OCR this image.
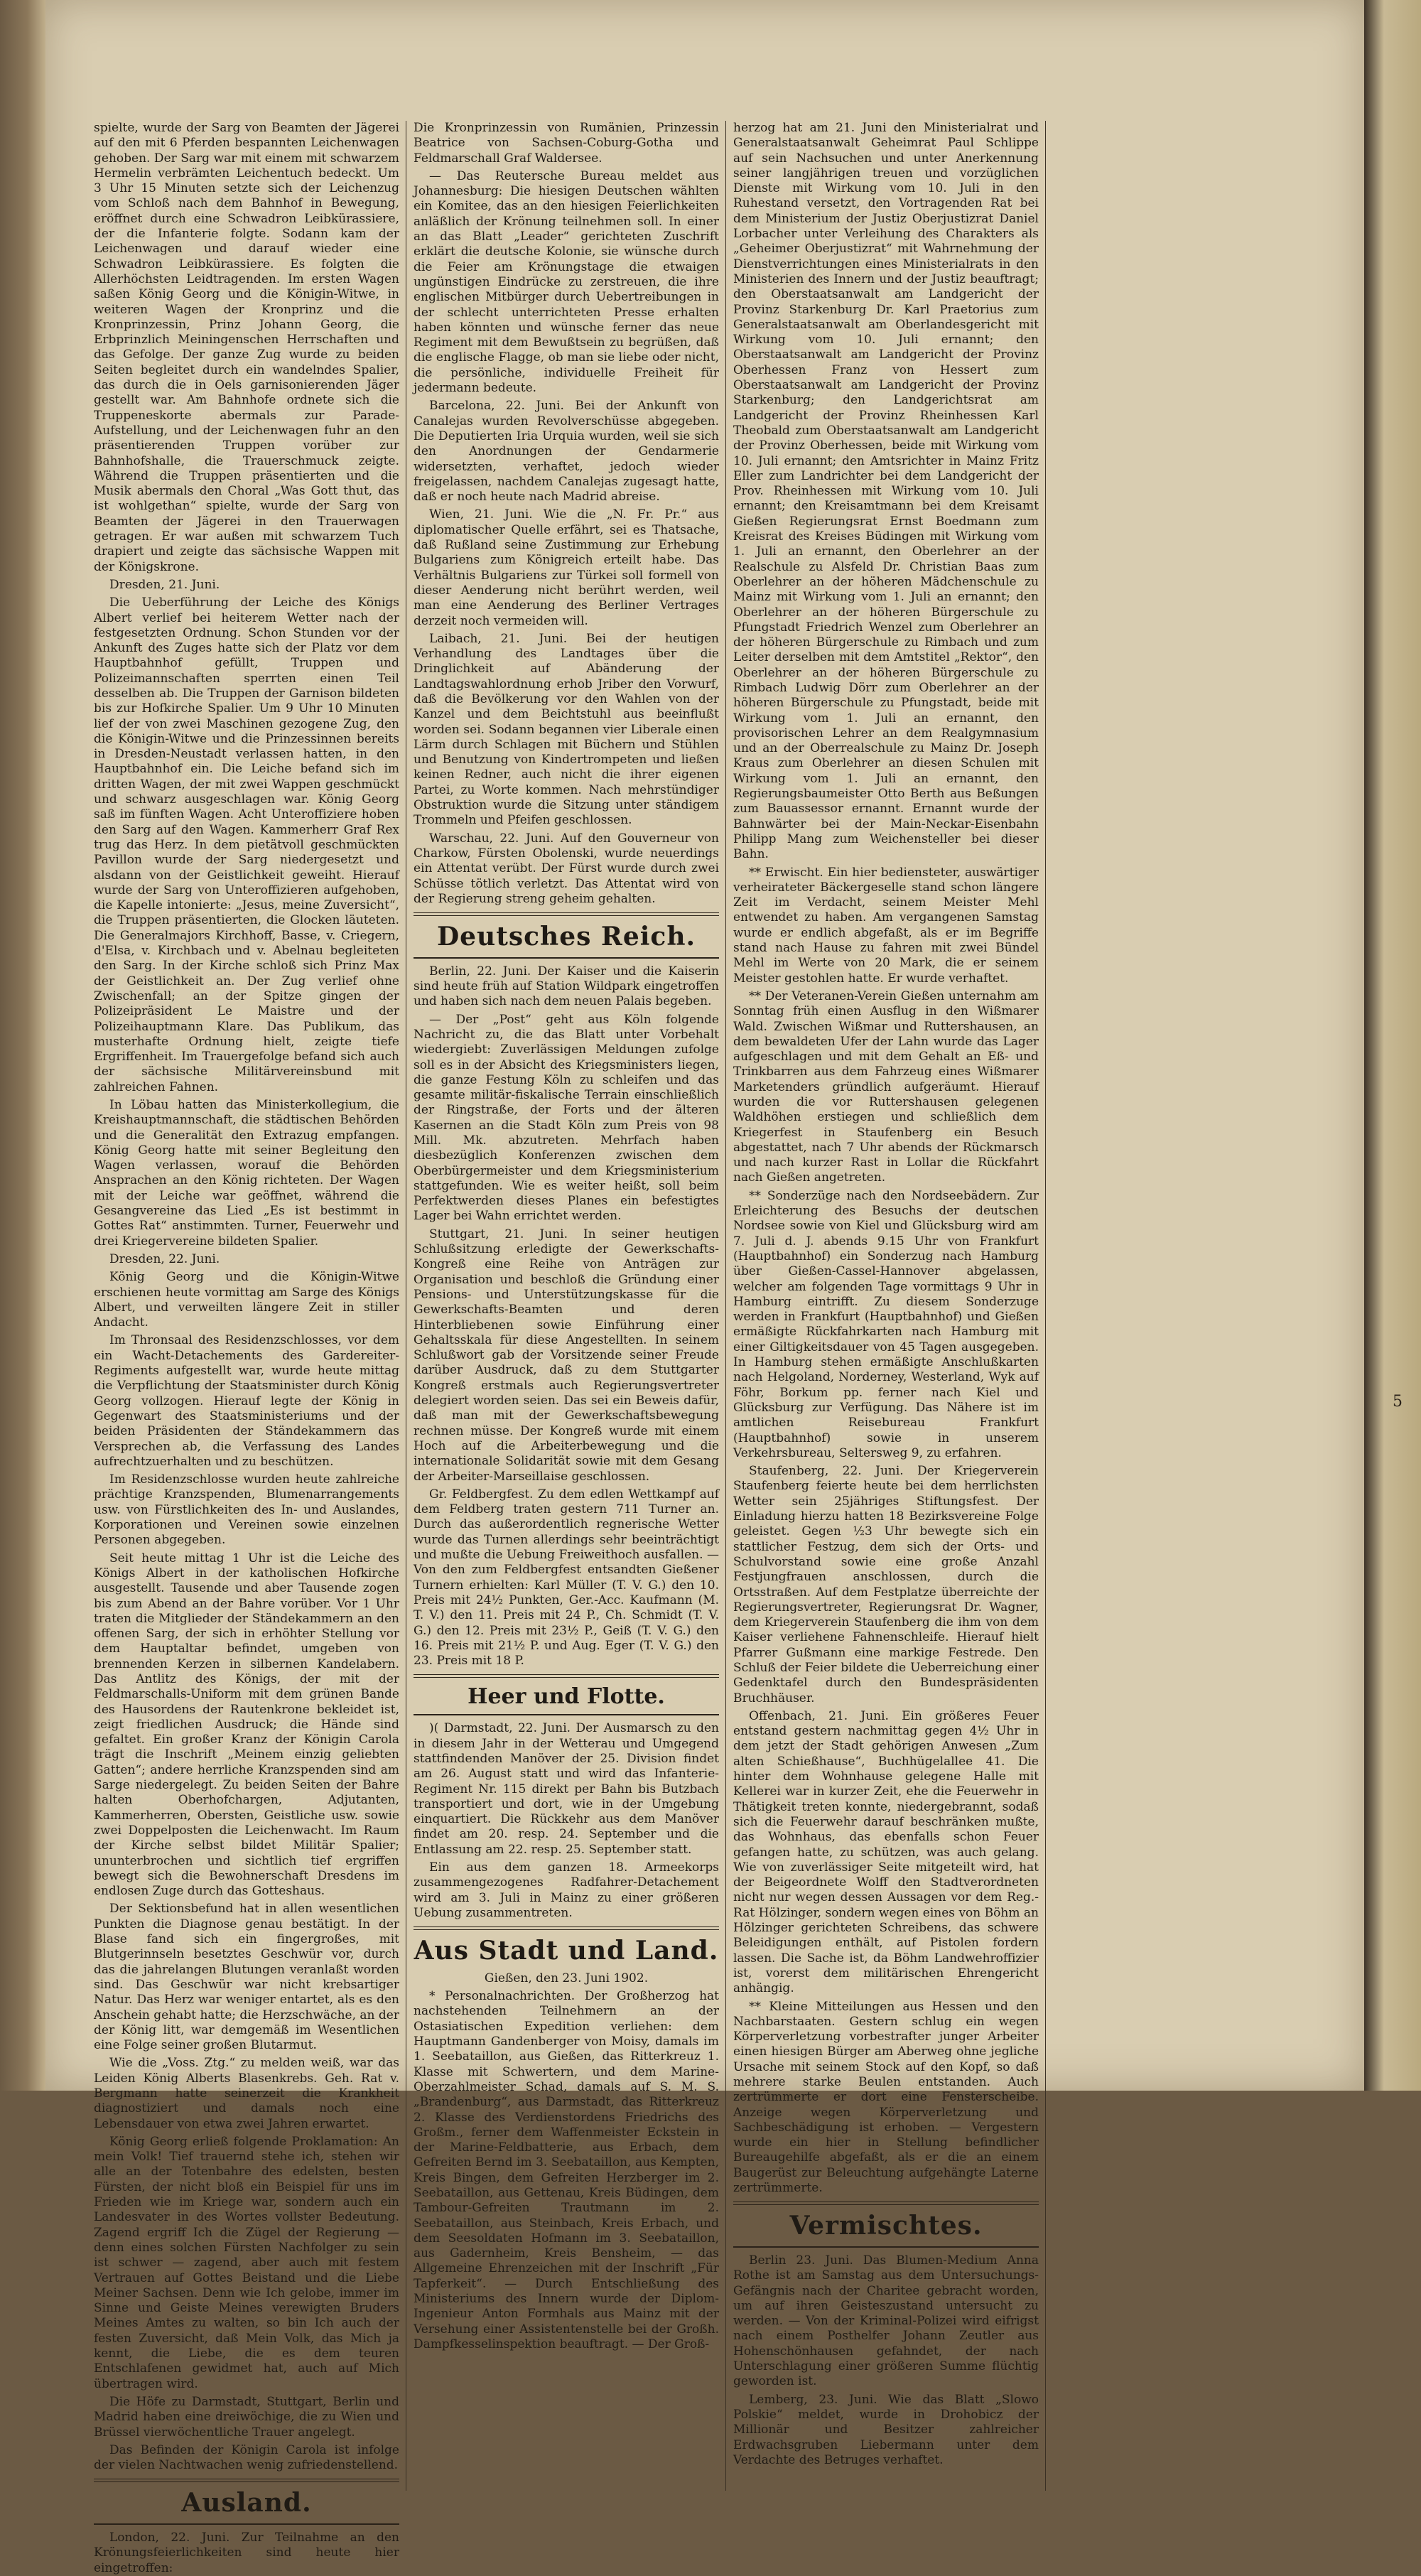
spielte, wurde der Sarg von Beamten der Jägerei auf den mit 6 Pferden bespannten Leichenwagen gehoben. Der Sarg war mit einem mit schwarzem Hermelin verbrämten Leichentuch bedeckt. Um 3 Uhr 15 Minuten setzte sich der Leichenzug vom Schloß nach dem Bahnhof in Bewegung, eröffnet durch eine Schwadron Leibkürassiere, der die Infanterie folgte. Sodann kam der Leichenwagen und darauf wieder eine Schwadron Leibkürassiere. Es folgten die Allerhöchsten Leidtragenden. Im ersten Wagen saßen König Georg und die Königin-Witwe, in weiteren Wagen der Kronprinz und die Kronprinzessin, Prinz Johann Georg, die Erbprinzlich Meiningenschen Herrschaften und das Gefolge. Der ganze Zug wurde zu beiden Seiten begleitet durch ein wandelndes Spalier, das durch die in Oels garnisonierenden Jäger gestellt war. Am Bahnhofe ordnete sich die Truppeneskorte abermals zur Parade-Aufstellung, und der Leichenwagen fuhr an den präsentierenden Truppen vorüber zur Bahnhofshalle, die Trauerschmuck zeigte. Während die Truppen präsentierten und die Musik abermals den Choral „Was Gott thut, das ist wohlgethan“ spielte, wurde der Sarg von Beamten der Jägerei in den Trauerwagen getragen. Er war außen mit schwarzem Tuch drapiert und zeigte das sächsische Wappen mit der Königskrone.

Dresden, 21. Juni.

Die Ueberführung der Leiche des Königs Albert verlief bei heiterem Wetter nach der festgesetzten Ordnung. Schon Stunden vor der Ankunft des Zuges hatte sich der Platz vor dem Hauptbahnhof gefüllt, Truppen und Polizeimannschaften sperrten einen Teil desselben ab. Die Truppen der Garnison bildeten bis zur Hofkirche Spalier. Um 9 Uhr 10 Minuten lief der von zwei Maschinen gezogene Zug, den die Königin-Witwe und die Prinzessinnen bereits in Dresden-Neustadt verlassen hatten, in den Hauptbahnhof ein. Die Leiche befand sich im dritten Wagen, der mit zwei Wappen geschmückt und schwarz ausgeschlagen war. König Georg saß im fünften Wagen. Acht Unteroffiziere hoben den Sarg auf den Wagen. Kammerherr Graf Rex trug das Herz. In dem pietätvoll geschmückten Pavillon wurde der Sarg niedergesetzt und alsdann von der Geistlichkeit geweiht. Hierauf wurde der Sarg von Unteroffizieren aufgehoben, die Kapelle intonierte: „Jesus, meine Zuversicht“, die Truppen präsentierten, die Glocken läuteten. Die Generalmajors Kirchhoff, Basse, v. Criegern, d'Elsa, v. Kirchbach und v. Abelnau begleiteten den Sarg. In der Kirche schloß sich Prinz Max der Geistlichkeit an. Der Zug verlief ohne Zwischenfall; an der Spitze gingen der Polizeipräsident Le Maistre und der Polizeihauptmann Klare. Das Publikum, das musterhafte Ordnung hielt, zeigte tiefe Ergriffenheit. Im Trauergefolge befand sich auch der sächsische Militärvereinsbund mit zahlreichen Fahnen.

In Löbau hatten das Ministerkollegium, die Kreishauptmannschaft, die städtischen Behörden und die Generalität den Extrazug empfangen. König Georg hatte mit seiner Begleitung den Wagen verlassen, worauf die Behörden Ansprachen an den König richteten. Der Wagen mit der Leiche war geöffnet, während die Gesangvereine das Lied „Es ist bestimmt in Gottes Rat“ anstimmten. Turner, Feuerwehr und drei Kriegervereine bildeten Spalier.

Dresden, 22. Juni.

König Georg und die Königin-Witwe erschienen heute vormittag am Sarge des Königs Albert, und verweilten längere Zeit in stiller Andacht.

Im Thronsaal des Residenzschlosses, vor dem ein Wacht-Detachements des Gardereiter-Regiments aufgestellt war, wurde heute mittag die Verpflichtung der Staatsminister durch König Georg vollzogen. Hierauf legte der König in Gegenwart des Staatsministeriums und der beiden Präsidenten der Ständekammern das Versprechen ab, die Verfassung des Landes aufrechtzuerhalten und zu beschützen.

Im Residenzschlosse wurden heute zahlreiche prächtige Kranzspenden, Blumenarrangements usw. von Fürstlichkeiten des In- und Auslandes, Korporationen und Vereinen sowie einzelnen Personen abgegeben.

Seit heute mittag 1 Uhr ist die Leiche des Königs Albert in der katholischen Hofkirche ausgestellt. Tausende und aber Tausende zogen bis zum Abend an der Bahre vorüber. Vor 1 Uhr traten die Mitglieder der Ständekammern an den offenen Sarg, der sich in erhöhter Stellung vor dem Hauptaltar befindet, umgeben von brennenden Kerzen in silbernen Kandelabern. Das Antlitz des Königs, der mit der Feldmarschalls-Uniform mit dem grünen Bande des Hausordens der Rautenkrone bekleidet ist, zeigt friedlichen Ausdruck; die Hände sind gefaltet. Ein großer Kranz der Königin Carola trägt die Inschrift „Meinem einzig geliebten Gatten“; andere herrliche Kranzspenden sind am Sarge niedergelegt. Zu beiden Seiten der Bahre halten Oberhofchargen, Adjutanten, Kammerherren, Obersten, Geistliche usw. sowie zwei Doppelposten die Leichenwacht. Im Raum der Kirche selbst bildet Militär Spalier; ununterbrochen und sichtlich tief ergriffen bewegt sich die Bewohnerschaft Dresdens im endlosen Zuge durch das Gotteshaus.

Der Sektionsbefund hat in allen wesentlichen Punkten die Diagnose genau bestätigt. In der Blase fand sich ein fingergroßes, mit Blutgerinnseln besetztes Geschwür vor, durch das die jahrelangen Blutungen veranlaßt worden sind. Das Geschwür war nicht krebsartiger Natur. Das Herz war weniger entartet, als es den Anschein gehabt hatte; die Herzschwäche, an der der König litt, war demgemäß im Wesentlichen eine Folge seiner großen Blutarmut.

Wie die „Voss. Ztg.“ zu melden weiß, war das Leiden König Alberts Blasenkrebs. Geh. Rat v. Bergmann hatte seinerzeit die Krankheit diagnostiziert und damals noch eine Lebensdauer von etwa zwei Jahren erwartet.

König Georg erließ folgende Proklamation: An mein Volk! Tief trauernd stehe ich, stehen wir alle an der Totenbahre des edelsten, besten Fürsten, der nicht bloß ein Beispiel für uns im Frieden wie im Kriege war, sondern auch ein Landesvater in des Wortes vollster Bedeutung. Zagend ergriff Ich die Zügel der Regierung — denn eines solchen Fürsten Nachfolger zu sein ist schwer — zagend, aber auch mit festem Vertrauen auf Gottes Beistand und die Liebe Meiner Sachsen. Denn wie Ich gelobe, immer im Sinne und Geiste Meines verewigten Bruders Meines Amtes zu walten, so bin Ich auch der festen Zuversicht, daß Mein Volk, das Mich ja kennt, die Liebe, die es dem teuren Entschlafenen gewidmet hat, auch auf Mich übertragen wird.

Die Höfe zu Darmstadt, Stuttgart, Berlin und Madrid haben eine dreiwöchige, die zu Wien und Brüssel vierwöchentliche Trauer angelegt.

Das Befinden der Königin Carola ist infolge der vielen Nachtwachen wenig zufriedenstellend.

Ausland.

London, 22. Juni. Zur Teilnahme an den Krönungsfeierlichkeiten sind heute hier eingetroffen:

Die Kronprinzessin von Rumänien, Prinzessin Beatrice von Sachsen-Coburg-Gotha und Feldmarschall Graf Waldersee.

— Das Reutersche Bureau meldet aus Johannesburg: Die hiesigen Deutschen wählten ein Komitee, das an den hiesigen Feierlichkeiten anläßlich der Krönung teilnehmen soll. In einer an das Blatt „Leader“ gerichteten Zuschrift erklärt die deutsche Kolonie, sie wünsche durch die Feier am Krönungstage die etwaigen ungünstigen Eindrücke zu zerstreuen, die ihre englischen Mitbürger durch Uebertreibungen in der schlecht unterrichteten Presse erhalten haben könnten und wünsche ferner das neue Regiment mit dem Bewußtsein zu begrüßen, daß die englische Flagge, ob man sie liebe oder nicht, die persönliche, individuelle Freiheit für jedermann bedeute.

Barcelona, 22. Juni. Bei der Ankunft von Canalejas wurden Revolverschüsse abgegeben. Die Deputierten Iria Urquia wurden, weil sie sich den Anordnungen der Gendarmerie widersetzten, verhaftet, jedoch wieder freigelassen, nachdem Canalejas zugesagt hatte, daß er noch heute nach Madrid abreise.

Wien, 21. Juni. Wie die „N. Fr. Pr.“ aus diplomatischer Quelle erfährt, sei es Thatsache, daß Rußland seine Zustimmung zur Erhebung Bulgariens zum Königreich erteilt habe. Das Verhältnis Bulgariens zur Türkei soll formell von dieser Aenderung nicht berührt werden, weil man eine Aenderung des Berliner Vertrages derzeit noch vermeiden will.

Laibach, 21. Juni. Bei der heutigen Verhandlung des Landtages über die Dringlichkeit auf Abänderung der Landtagswahlordnung erhob Jriber den Vorwurf, daß die Bevölkerung vor den Wahlen von der Kanzel und dem Beichtstuhl aus beeinflußt worden sei. Sodann begannen vier Liberale einen Lärm durch Schlagen mit Büchern und Stühlen und Benutzung von Kindertrompeten und ließen keinen Redner, auch nicht die ihrer eigenen Partei, zu Worte kommen. Nach mehrstündiger Obstruktion wurde die Sitzung unter ständigem Trommeln und Pfeifen geschlossen.

Warschau, 22. Juni. Auf den Gouverneur von Charkow, Fürsten Obolenski, wurde neuerdings ein Attentat verübt. Der Fürst wurde durch zwei Schüsse tötlich verletzt. Das Attentat wird von der Regierung streng geheim gehalten.

Deutsches Reich.

Berlin, 22. Juni. Der Kaiser und die Kaiserin sind heute früh auf Station Wildpark eingetroffen und haben sich nach dem neuen Palais begeben.

— Der „Post“ geht aus Köln folgende Nachricht zu, die das Blatt unter Vorbehalt wiedergiebt: Zuverlässigen Meldungen zufolge soll es in der Absicht des Kriegsministers liegen, die ganze Festung Köln zu schleifen und das gesamte militär-fiskalische Terrain einschließlich der Ringstraße, der Forts und der älteren Kasernen an die Stadt Köln zum Preis von 98 Mill. Mk. abzutreten. Mehrfach haben diesbezüglich Konferenzen zwischen dem Oberbürgermeister und dem Kriegsministerium stattgefunden. Wie es weiter heißt, soll beim Perfektwerden dieses Planes ein befestigtes Lager bei Wahn errichtet werden.

Stuttgart, 21. Juni. In seiner heutigen Schlußsitzung erledigte der Gewerkschafts-Kongreß eine Reihe von Anträgen zur Organisation und beschloß die Gründung einer Pensions- und Unterstützungskasse für die Gewerkschafts-Beamten und deren Hinterbliebenen sowie Einführung einer Gehaltsskala für diese Angestellten. In seinem Schlußwort gab der Vorsitzende seiner Freude darüber Ausdruck, daß zu dem Stuttgarter Kongreß erstmals auch Regierungsvertreter delegiert worden seien. Das sei ein Beweis dafür, daß man mit der Gewerkschaftsbewegung rechnen müsse. Der Kongreß wurde mit einem Hoch auf die Arbeiterbewegung und die internationale Solidarität sowie mit dem Gesang der Arbeiter-Marseillaise geschlossen.

Gr. Feldbergfest. Zu dem edlen Wettkampf auf dem Feldberg traten gestern 711 Turner an. Durch das außerordentlich regnerische Wetter wurde das Turnen allerdings sehr beeinträchtigt und mußte die Uebung Freiweithoch ausfallen. — Von den zum Feldbergfest entsandten Gießener Turnern erhielten: Karl Müller (T. V. G.) den 10. Preis mit 24½ Punkten, Ger.-Acc. Kaufmann (M. T. V.) den 11. Preis mit 24 P., Ch. Schmidt (T. V. G.) den 12. Preis mit 23½ P., Geiß (T. V. G.) den 16. Preis mit 21½ P. und Aug. Eger (T. V. G.) den 23. Preis mit 18 P.

Heer und Flotte.

)( Darmstadt, 22. Juni. Der Ausmarsch zu den in diesem Jahr in der Wetterau und Umgegend stattfindenden Manöver der 25. Division findet am 26. August statt und wird das Infanterie-Regiment Nr. 115 direkt per Bahn bis Butzbach transportiert und dort, wie in der Umgebung einquartiert. Die Rückkehr aus dem Manöver findet am 20. resp. 24. September und die Entlassung am 22. resp. 25. September statt.

Ein aus dem ganzen 18. Armeekorps zusammengezogenes Radfahrer-Detachement wird am 3. Juli in Mainz zu einer größeren Uebung zusammentreten.

Aus Stadt und Land.

Gießen, den 23. Juni 1902.

* Personalnachrichten. Der Großherzog hat nachstehenden Teilnehmern an der Ostasiatischen Expedition verliehen: dem Hauptmann Gandenberger von Moisy, damals im 1. Seebataillon, aus Gießen, das Ritterkreuz 1. Klasse mit Schwertern, und dem Marine-Oberzahlmeister Schad, damals auf S. M. S. „Brandenburg“, aus Darmstadt, das Ritterkreuz 2. Klasse des Verdienstordens Friedrichs des Großm., ferner dem Waffenmeister Eckstein in der Marine-Feldbatterie, aus Erbach, dem Gefreiten Bernd im 3. Seebataillon, aus Kempten, Kreis Bingen, dem Gefreiten Herzberger im 2. Seebataillon, aus Gettenau, Kreis Büdingen, dem Tambour-Gefreiten Trautmann im 2. Seebataillon, aus Steinbach, Kreis Erbach, und dem Seesoldaten Hofmann im 3. Seebataillon, aus Gadernheim, Kreis Bensheim, — das Allgemeine Ehrenzeichen mit der Inschrift „Für Tapferkeit“. — Durch Entschließung des Ministeriums des Innern wurde der Diplom-Ingenieur Anton Formhals aus Mainz mit der Versehung einer Assistentenstelle bei der Großh. Dampfkesselinspektion beauftragt. — Der Groß-

herzog hat am 21. Juni den Ministerialrat und Generalstaatsanwalt Geheimrat Paul Schlippe auf sein Nachsuchen und unter Anerkennung seiner langjährigen treuen und vorzüglichen Dienste mit Wirkung vom 10. Juli in den Ruhestand versetzt, den Vortragenden Rat bei dem Ministerium der Justiz Oberjustizrat Daniel Lorbacher unter Verleihung des Charakters als „Geheimer Oberjustizrat“ mit Wahrnehmung der Dienstverrichtungen eines Ministerialrats in den Ministerien des Innern und der Justiz beauftragt; den Oberstaatsanwalt am Landgericht der Provinz Starkenburg Dr. Karl Praetorius zum Generalstaatsanwalt am Oberlandesgericht mit Wirkung vom 10. Juli ernannt; den Oberstaatsanwalt am Landgericht der Provinz Oberhessen Franz von Hessert zum Oberstaatsanwalt am Landgericht der Provinz Starkenburg; den Landgerichtsrat am Landgericht der Provinz Rheinhessen Karl Theobald zum Oberstaatsanwalt am Landgericht der Provinz Oberhessen, beide mit Wirkung vom 10. Juli ernannt; den Amtsrichter in Mainz Fritz Eller zum Landrichter bei dem Landgericht der Prov. Rheinhessen mit Wirkung vom 10. Juli ernannt; den Kreisamtmann bei dem Kreisamt Gießen Regierungsrat Ernst Boedmann zum Kreisrat des Kreises Büdingen mit Wirkung vom 1. Juli an ernannt, den Oberlehrer an der Realschule zu Alsfeld Dr. Christian Baas zum Oberlehrer an der höheren Mädchenschule zu Mainz mit Wirkung vom 1. Juli an ernannt; den Oberlehrer an der höheren Bürgerschule zu Pfungstadt Friedrich Wenzel zum Oberlehrer an der höheren Bürgerschule zu Rimbach und zum Leiter derselben mit dem Amtstitel „Rektor“, den Oberlehrer an der höheren Bürgerschule zu Rimbach Ludwig Dörr zum Oberlehrer an der höheren Bürgerschule zu Pfungstadt, beide mit Wirkung vom 1. Juli an ernannt, den provisorischen Lehrer an dem Realgymnasium und an der Oberrealschule zu Mainz Dr. Joseph Kraus zum Oberlehrer an diesen Schulen mit Wirkung vom 1. Juli an ernannt, den Regierungsbaumeister Otto Berth aus Beßungen zum Bauassessor ernannt. Ernannt wurde der Bahnwärter bei der Main-Neckar-Eisenbahn Philipp Mang zum Weichensteller bei dieser Bahn.

** Erwischt. Ein hier bediensteter, auswärtiger verheirateter Bäckergeselle stand schon längere Zeit im Verdacht, seinem Meister Mehl entwendet zu haben. Am vergangenen Samstag wurde er endlich abgefaßt, als er im Begriffe stand nach Hause zu fahren mit zwei Bündel Mehl im Werte von 20 Mark, die er seinem Meister gestohlen hatte. Er wurde verhaftet.

** Der Veteranen-Verein Gießen unternahm am Sonntag früh einen Ausflug in den Wißmarer Wald. Zwischen Wißmar und Ruttershausen, an dem bewaldeten Ufer der Lahn wurde das Lager aufgeschlagen und mit dem Gehalt an Eß- und Trinkbarren aus dem Fahrzeug eines Wißmarer Marketenders gründlich aufgeräumt. Hierauf wurden die vor Ruttershausen gelegenen Waldhöhen erstiegen und schließlich dem Kriegerfest in Staufenberg ein Besuch abgestattet, nach 7 Uhr abends der Rückmarsch und nach kurzer Rast in Lollar die Rückfahrt nach Gießen angetreten.

** Sonderzüge nach den Nordseebädern. Zur Erleichterung des Besuchs der deutschen Nordsee sowie von Kiel und Glücksburg wird am 7. Juli d. J. abends 9.15 Uhr von Frankfurt (Hauptbahnhof) ein Sonderzug nach Hamburg über Gießen-Cassel-Hannover abgelassen, welcher am folgenden Tage vormittags 9 Uhr in Hamburg eintrifft. Zu diesem Sonderzuge werden in Frankfurt (Hauptbahnhof) und Gießen ermäßigte Rückfahrkarten nach Hamburg mit einer Giltigkeitsdauer von 45 Tagen ausgegeben. In Hamburg stehen ermäßigte Anschlußkarten nach Helgoland, Norderney, Westerland, Wyk auf Föhr, Borkum pp. ferner nach Kiel und Glücksburg zur Verfügung. Das Nähere ist im amtlichen Reisebureau Frankfurt (Hauptbahnhof) sowie in unserem Verkehrsbureau, Seltersweg 9, zu erfahren.

Staufenberg, 22. Juni. Der Kriegerverein Staufenberg feierte heute bei dem herrlichsten Wetter sein 25jähriges Stiftungsfest. Der Einladung hierzu hatten 18 Bezirksvereine Folge geleistet. Gegen ½3 Uhr bewegte sich ein stattlicher Festzug, dem sich der Orts- und Schulvorstand sowie eine große Anzahl Festjungfrauen anschlossen, durch die Ortsstraßen. Auf dem Festplatze überreichte der Regierungsvertreter, Regierungsrat Dr. Wagner, dem Kriegerverein Staufenberg die ihm von dem Kaiser verliehene Fahnenschleife. Hierauf hielt Pfarrer Gußmann eine markige Festrede. Den Schluß der Feier bildete die Ueberreichung einer Gedenktafel durch den Bundespräsidenten Bruchhäuser.

Offenbach, 21. Juni. Ein größeres Feuer entstand gestern nachmittag gegen 4½ Uhr in dem jetzt der Stadt gehörigen Anwesen „Zum alten Schießhause“, Buchhügelallee 41. Die hinter dem Wohnhause gelegene Halle mit Kellerei war in kurzer Zeit, ehe die Feuerwehr in Thätigkeit treten konnte, niedergebrannt, sodaß sich die Feuerwehr darauf beschränken mußte, das Wohnhaus, das ebenfalls schon Feuer gefangen hatte, zu schützen, was auch gelang. Wie von zuverlässiger Seite mitgeteilt wird, hat der Beigeordnete Wolff den Stadtverordneten nicht nur wegen dessen Aussagen vor dem Reg.-Rat Hölzinger, sondern wegen eines von Böhm an Hölzinger gerichteten Schreibens, das schwere Beleidigungen enthält, auf Pistolen fordern lassen. Die Sache ist, da Böhm Landwehroffizier ist, vorerst dem militärischen Ehrengericht anhängig.

** Kleine Mitteilungen aus Hessen und den Nachbarstaaten. Gestern schlug ein wegen Körperverletzung vorbestrafter junger Arbeiter einen hiesigen Bürger am Aberweg ohne jegliche Ursache mit seinem Stock auf den Kopf, so daß mehrere starke Beulen entstanden. Auch zertrümmerte er dort eine Fensterscheibe. Anzeige wegen Körperverletzung und Sachbeschädigung ist erhoben. — Vergestern wurde ein hier in Stellung befindlicher Bureaugehilfe abgefaßt, als er die an einem Baugerüst zur Beleuchtung aufgehängte Laterne zertrümmerte.

Vermischtes.

Berlin 23. Juni. Das Blumen-Medium Anna Rothe ist am Samstag aus dem Untersuchungs-Gefängnis nach der Charitee gebracht worden, um auf ihren Geisteszustand untersucht zu werden. — Von der Kriminal-Polizei wird eifrigst nach einem Posthelfer Johann Zeutler aus Hohenschönhausen gefahndet, der nach Unterschlagung einer größeren Summe flüchtig geworden ist.

Lemberg, 23. Juni. Wie das Blatt „Slowo Polskie“ meldet, wurde in Drohobicz der Millionär und Besitzer zahlreicher Erdwachsgruben Liebermann unter dem Verdachte des Betruges verhaftet.

5
